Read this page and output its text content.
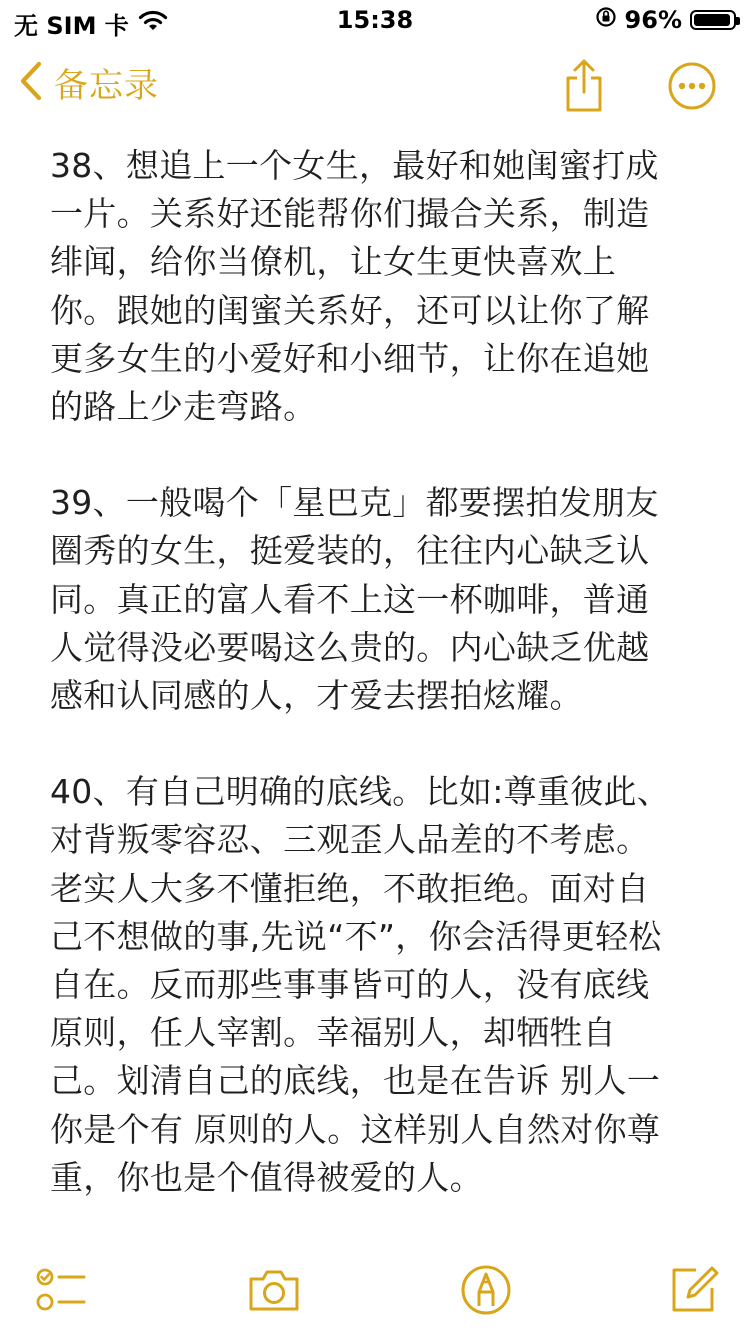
无 SIM 卡	15:38	96%
备忘录

38、想追上一个女生，最好和她闺蜜打成
一片。关系好还能帮你们撮合关系，制造
绯闻，给你当僚机，让女生更快喜欢上
你。跟她的闺蜜关系好，还可以让你了解
更多女生的小爱好和小细节，让你在追她
的路上少走弯路。

39、一般喝个「星巴克」都要摆拍发朋友
圈秀的女生，挺爱装的，往往内心缺乏认
同。真正的富人看不上这一杯咖啡，普通
人觉得没必要喝这么贵的。内心缺乏优越
感和认同感的人，才爱去摆拍炫耀。

40、有自己明确的底线。比如:尊重彼此、
对背叛零容忍、三观歪人品差的不考虑。
老实人大多不懂拒绝，不敢拒绝。面对自
己不想做的事,先说“不”，你会活得更轻松
自在。反而那些事事皆可的人，没有底线
原则，任人宰割。幸福别人，却牺牲自
己。划清自己的底线，也是在告诉 别人一
你是个有 原则的人。这样别人自然对你尊
重，你也是个值得被爱的人。
